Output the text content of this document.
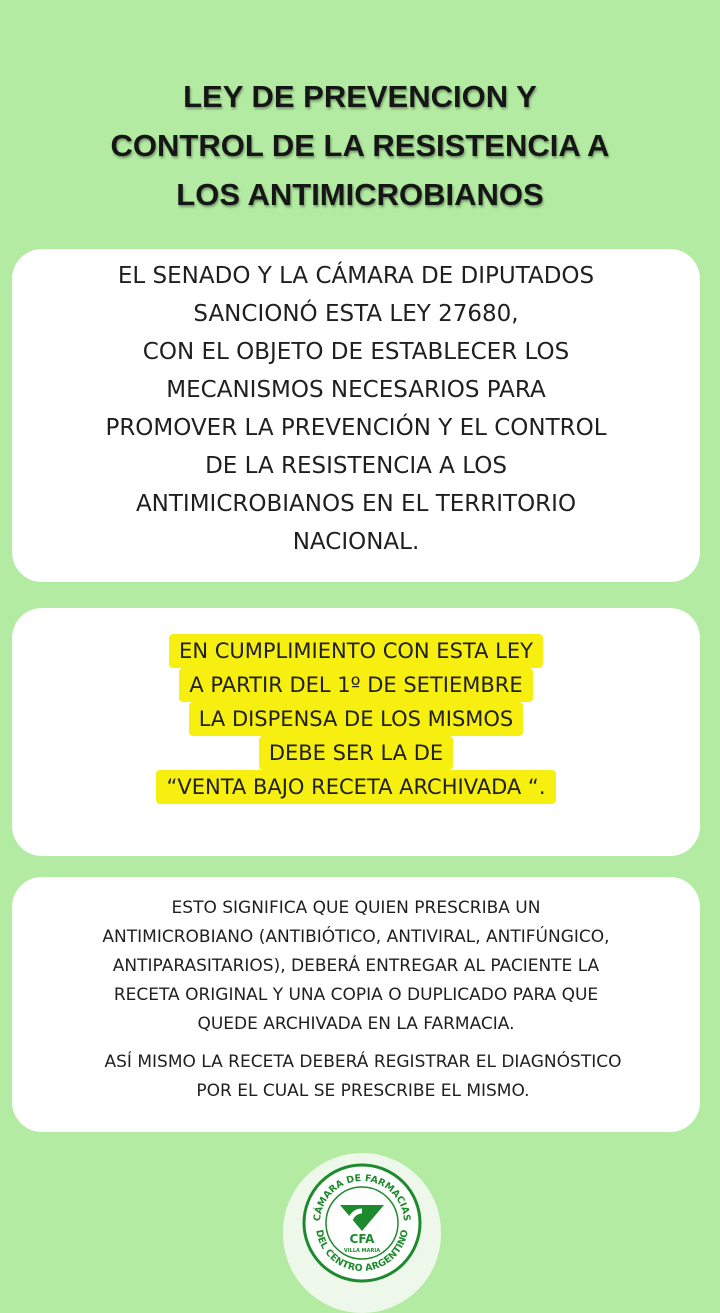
LEY DE PREVENCION Y
CONTROL DE LA RESISTENCIA A
LOS ANTIMICROBIANOS
EL SENADO Y LA CÁMARA DE DIPUTADOS
SANCIONÓ ESTA LEY 27680,
CON EL OBJETO DE ESTABLECER LOS
MECANISMOS NECESARIOS PARA
PROMOVER LA PREVENCIÓN Y EL CONTROL
DE LA RESISTENCIA A LOS
ANTIMICROBIANOS EN EL TERRITORIO
NACIONAL.
EN CUMPLIMIENTO CON ESTA LEY
A PARTIR DEL 1º DE SETIEMBRE
LA DISPENSA DE LOS MISMOS
DEBE SER LA DE
“VENTA BAJO RECETA ARCHIVADA “.
ESTO SIGNIFICA QUE QUIEN PRESCRIBA UN
ANTIMICROBIANO (ANTIBIÓTICO, ANTIVIRAL, ANTIFÚNGICO,
ANTIPARASITARIOS), DEBERÁ ENTREGAR AL PACIENTE LA
RECETA ORIGINAL Y UNA COPIA O DUPLICADO PARA QUE
QUEDE ARCHIVADA EN LA FARMACIA.
ASÍ MISMO LA RECETA DEBERÁ REGISTRAR EL DIAGNÓSTICO
POR EL CUAL SE PRESCRIBE EL MISMO.
CÁMARA DE FARMACIAS
DEL CENTRO ARGENTINO
CFA
VILLA MARIA
